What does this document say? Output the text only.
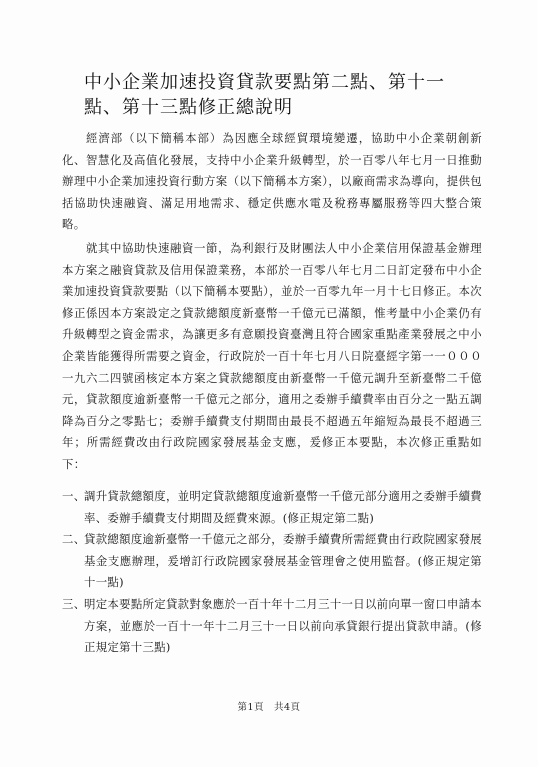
中小企業加速投資貸款要點第二點、第十一點、第十三點修正總說明

經濟部（以下簡稱本部）為因應全球經貿環境變遷，協助中小企業朝創新化、智慧化及高值化發展，支持中小企業升級轉型，於一百零八年七月一日推動辦理中小企業加速投資行動方案（以下簡稱本方案），以廠商需求為導向，提供包括協助快速融資、滿足用地需求、穩定供應水電及稅務專屬服務等四大整合策略。

就其中協助快速融資一節，為利銀行及財團法人中小企業信用保證基金辦理本方案之融資貸款及信用保證業務，本部於一百零八年七月二日訂定發布中小企業加速投資貸款要點（以下簡稱本要點），並於一百零九年一月十七日修正。本次修正係因本方案設定之貸款總額度新臺幣一千億元已滿額，惟考量中小企業仍有升級轉型之資金需求，為讓更多有意願投資臺灣且符合國家重點產業發展之中小企業皆能獲得所需要之資金，行政院於一百十年七月八日院臺經字第一一０００一九六二四號函核定本方案之貸款總額度由新臺幣一千億元調升至新臺幣二千億元，貸款額度逾新臺幣一千億元之部分，適用之委辦手續費率由百分之一點五調降為百分之零點七；委辦手續費支付期間由最長不超過五年縮短為最長不超過三年；所需經費改由行政院國家發展基金支應，爰修正本要點，本次修正重點如下：

一、
調升貸款總額度，並明定貸款總額度逾新臺幣一千億元部分適用之委辦手續費率、委辦手續費支付期間及經費來源。(修正規定第二點)
二、
貸款總額度逾新臺幣一千億元之部分，委辦手續費所需經費由行政院國家發展基金支應辦理，爰增訂行政院國家發展基金管理會之使用監督。(修正規定第十一點)
三、
明定本要點所定貸款對象應於一百十年十二月三十一日以前向單一窗口申請本方案，並應於一百十一年十二月三十一日以前向承貸銀行提出貸款申請。(修正規定第十三點)
第1頁　共4頁
